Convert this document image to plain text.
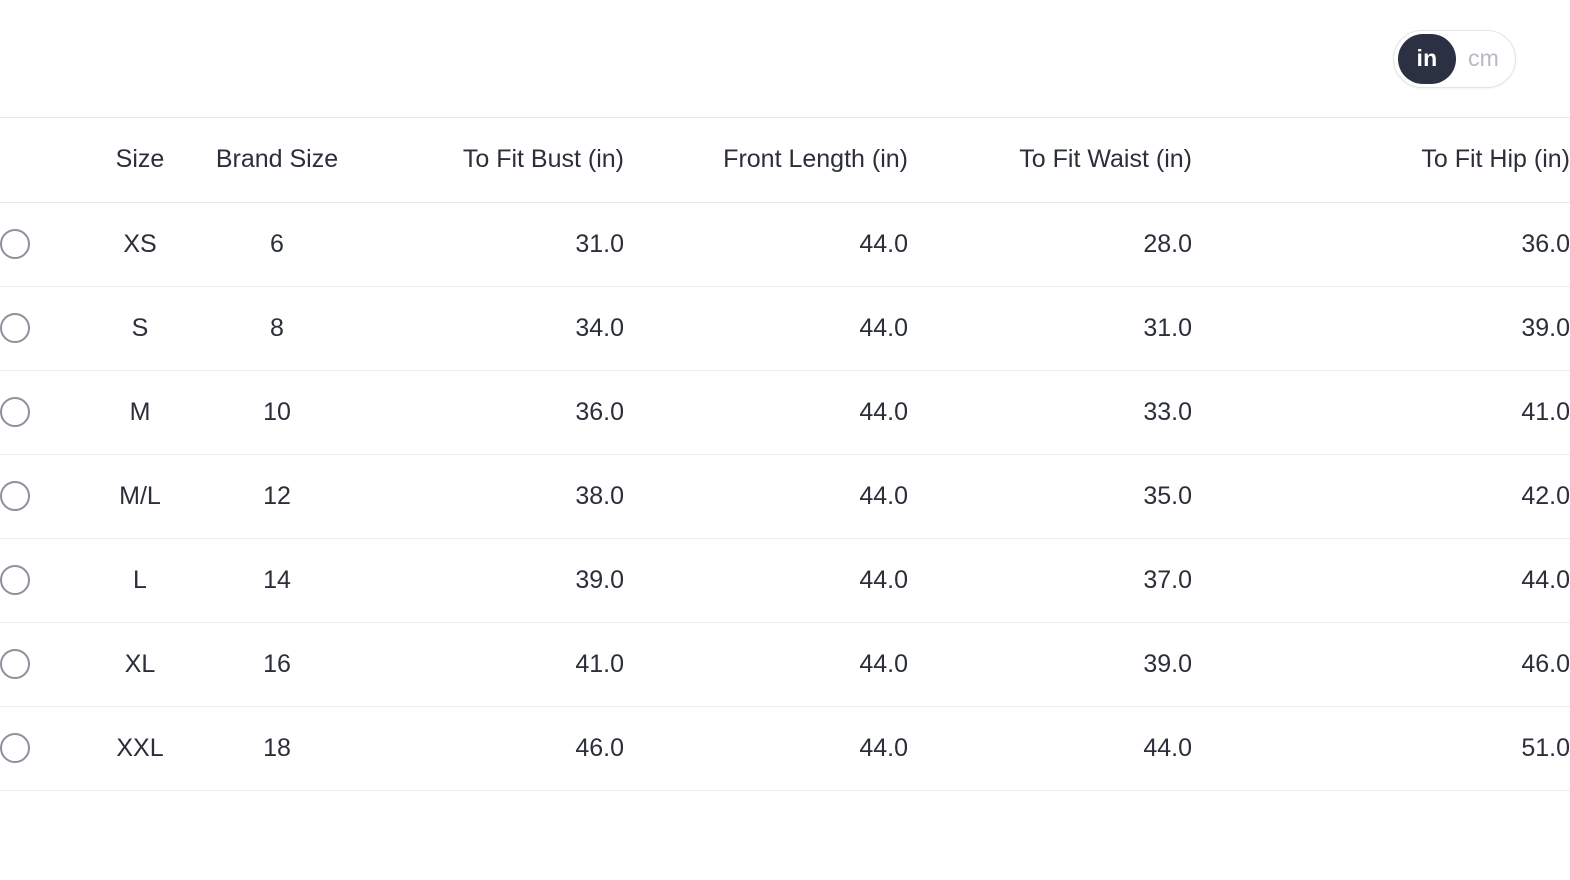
in	cm
	Size	Brand Size	To Fit Bust (in)	Front Length (in)	To Fit Waist (in)	To Fit Hip (in)
	XS	6	31.0	44.0	28.0	36.0
	S	8	34.0	44.0	31.0	39.0
	M	10	36.0	44.0	33.0	41.0
	M/L	12	38.0	44.0	35.0	42.0
	L	14	39.0	44.0	37.0	44.0
	XL	16	41.0	44.0	39.0	46.0
	XXL	18	46.0	44.0	44.0	51.0
